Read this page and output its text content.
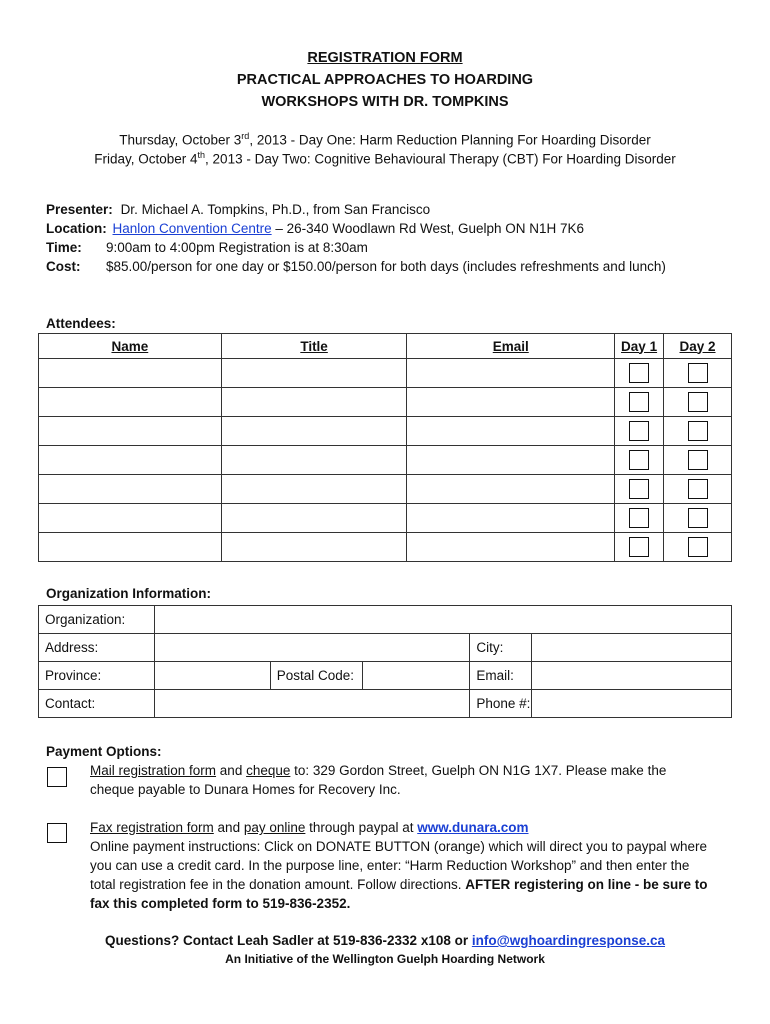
REGISTRATION FORM
PRACTICAL APPROACHES TO HOARDING
WORKSHOPS WITH DR. TOMPKINS
Thursday, October 3rd, 2013 - Day One: Harm Reduction Planning For Hoarding Disorder
Friday, October 4th, 2013 - Day Two: Cognitive Behavioural Therapy (CBT) For Hoarding Disorder
Presenter: Dr. Michael A. Tompkins, Ph.D., from San Francisco
Location: Hanlon Convention Centre – 26-340 Woodlawn Rd West, Guelph ON N1H 7K6
Time: 9:00am to 4:00pm Registration is at 8:30am
Cost: $85.00/person for one day or $150.00/person for both days (includes refreshments and lunch)
Attendees:
Name	Title	Email	Day 1	Day 2

Organization Information:
Organization:					
Address:				City:	
Province:		Postal Code:		Email:	
Contact:				Phone #:	
Payment Options:
Mail registration form and cheque to: 329 Gordon Street, Guelph ON N1G 1X7. Please make the
cheque payable to Dunara Homes for Recovery Inc.
Fax registration form and pay online through paypal at www.dunara.com
Online payment instructions: Click on DONATE BUTTON (orange) which will direct you to paypal where
you can use a credit card. In the purpose line, enter: “Harm Reduction Workshop” and then enter the
total registration fee in the donation amount. Follow directions. AFTER registering on line - be sure to
fax this completed form to 519-836-2352.
Questions? Contact Leah Sadler at 519-836-2332 x108 or info@wghoardingresponse.ca
An Initiative of the Wellington Guelph Hoarding Network
